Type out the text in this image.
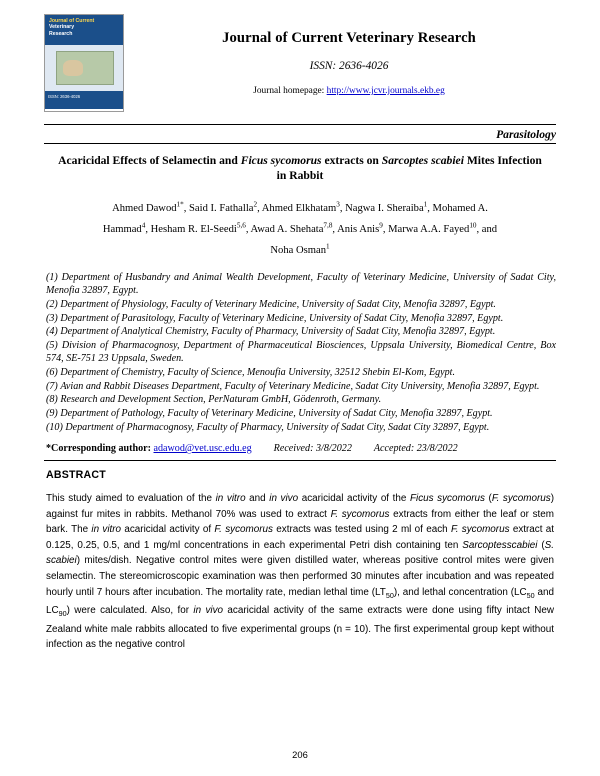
Journal of Current
Veterinary
Research
ISSN: 2636-4026
Journal of Current Veterinary Research
ISSN: 2636-4026
Journal homepage: http://www.jcvr.journals.ekb.eg
Parasitology
Acaricidal Effects of Selamectin and Ficus sycomorus extracts on Sarcoptes scabiei Mites Infection in Rabbit
Ahmed Dawod$^{1*}$, Said I. Fathalla$^2$, Ahmed Elkhatam$^3$, Nagwa I. Sheraiba$^1$, Mohamed A.
Hammad$^4$, Hesham R. El-Seedi$^{5,6}$, Awad A. Shehata$^{7,8}$, Anis Anis$^9$, Marwa A.A. Fayed$^{10}$, and
Noha Osman$^1$
(1) Department of Husbandry and Animal Wealth Development, Faculty of Veterinary Medicine, University of Sadat City, Menofia 32897, Egypt.
(2) Department of Physiology, Faculty of Veterinary Medicine, University of Sadat City, Menofia 32897, Egypt.
(3) Department of Parasitology, Faculty of Veterinary Medicine, University of Sadat City, Menofia 32897, Egypt.
(4) Department of Analytical Chemistry, Faculty of Pharmacy, University of Sadat City, Menofia 32897, Egypt.
(5) Division of Pharmacognosy, Department of Pharmaceutical Biosciences, Uppsala University, Biomedical Centre, Box 574, SE-751 23 Uppsala, Sweden.
(6) Department of Chemistry, Faculty of Science, Menoufia University, 32512 Shebin El-Kom, Egypt.
(7) Avian and Rabbit Diseases Department, Faculty of Veterinary Medicine, Sadat City University, Menofia 32897, Egypt.
(8) Research and Development Section, PerNaturam GmbH, Gödenroth, Germany.
(9) Department of Pathology, Faculty of Veterinary Medicine, University of Sadat City, Menofia 32897, Egypt.
(10) Department of Pharmacognosy, Faculty of Pharmacy, University of Sadat City, Sadat City 32897, Egypt.
*Corresponding author: adawod@vet.usc.edu.eg Received: 3/8/2022 Accepted: 23/8/2022
ABSTRACT
This study aimed to evaluation of the in vitro and in vivo acaricidal activity of the Ficus sycomorus (F. sycomorus) against fur mites in rabbits. Methanol 70% was used to extract F. sycomorus extracts from either the leaf or stem bark. The in vitro acaricidal activity of F. sycomorus extracts was tested using 2 ml of each F. sycomorus extract at 0.125, 0.25, 0.5, and 1 mg/ml concentrations in each experimental Petri dish containing ten Sarcoptesscabiei (S. scabiei) mites/dish. Negative control mites were given distilled water, whereas positive control mites were given selamectin. The stereomicroscopic examination was then performed 30 minutes after incubation and was repeated hourly until 7 hours after incubation. The mortality rate, median lethal time $(LT_{50})$, and lethal concentration ($LC_{50}$ and $LC_{90}$) were calculated. Also, for in vivo acaricidal activity of the same extracts were done using fifty intact New Zealand white male rabbits allocated to five experimental groups (n = 10). The first experimental group kept without infection as the negative control
206
